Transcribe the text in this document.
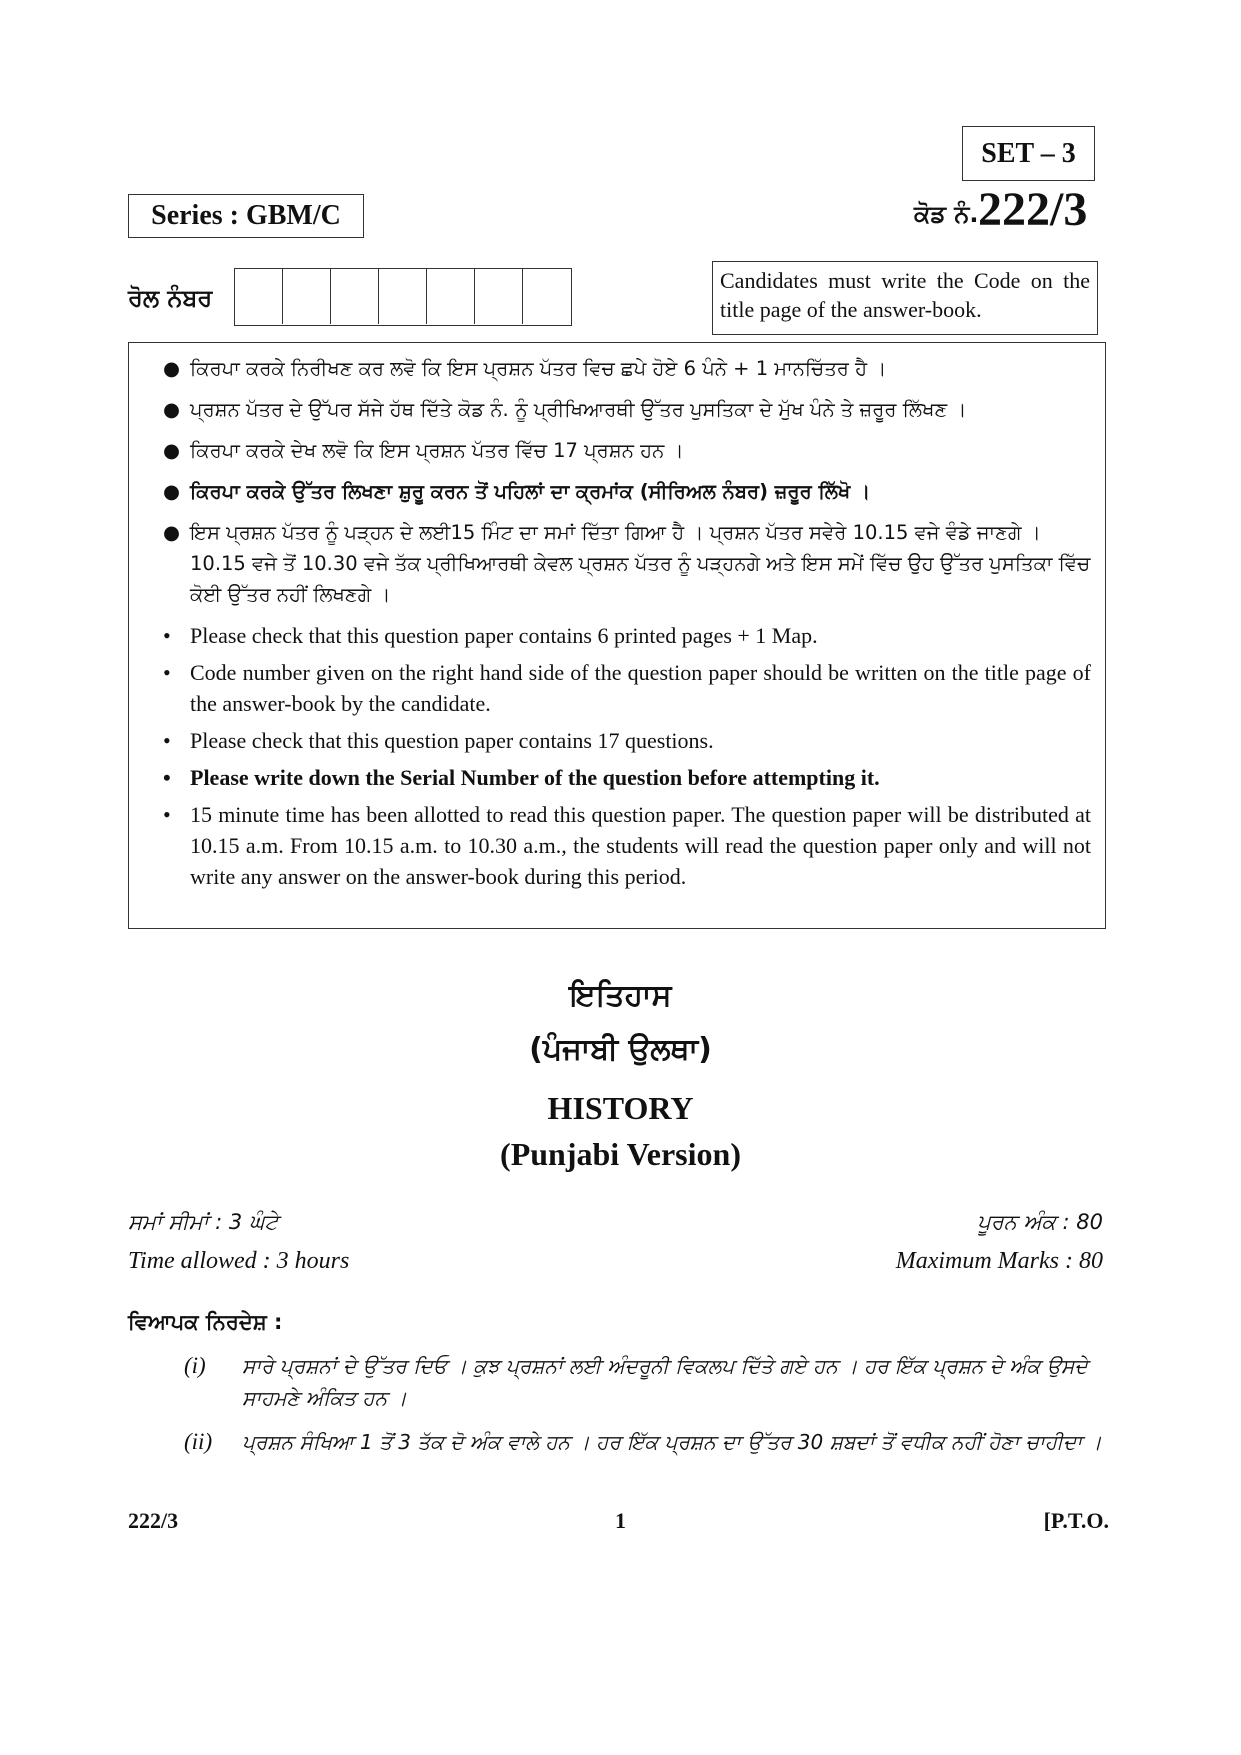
SET – 3
Series : GBM/C	ਕੋਡ ਨੰ. 222/3
ਰੋਲ ਨੰਬਰ
Candidates must write the Code on the title page of the answer-book.
● ਕਿਰਪਾ ਕਰਕੇ ਨਿਰੀਖਣ ਕਰ ਲਵੋ ਕਿ ਇਸ ਪ੍ਰਸ਼ਨ ਪੱਤਰ ਵਿਚ ਛਪੇ ਹੋਏ 6 ਪੰਨੇ + 1 ਮਾਨਚਿੱਤਰ ਹੈ ।
● ਪ੍ਰਸ਼ਨ ਪੱਤਰ ਦੇ ਉੱਪਰ ਸੱਜੇ ਹੱਥ ਦਿੱਤੇ ਕੋਡ ਨੰ. ਨੂੰ ਪ੍ਰੀਖਿਆਰਥੀ ਉੱਤਰ ਪੁਸਤਿਕਾ ਦੇ ਮੁੱਖ ਪੰਨੇ ਤੇ ਜ਼ਰੂਰ ਲਿੱਖਣ ।
● ਕਿਰਪਾ ਕਰਕੇ ਦੇਖ ਲਵੋ ਕਿ ਇਸ ਪ੍ਰਸ਼ਨ ਪੱਤਰ ਵਿੱਚ 17 ਪ੍ਰਸ਼ਨ ਹਨ ।
● ਕਿਰਪਾ ਕਰਕੇ ਉੱਤਰ ਲਿਖਣਾ ਸ਼ੁਰੂ ਕਰਨ ਤੋਂ ਪਹਿਲਾਂ ਦਾ ਕ੍ਰਮਾਂਕ (ਸੀਰਿਅਲ ਨੰਬਰ) ਜ਼ਰੂਰ ਲਿੱਖੋ ।
● ਇਸ ਪ੍ਰਸ਼ਨ ਪੱਤਰ ਨੂੰ ਪੜ੍ਹਨ ਦੇ ਲਈ15 ਮਿੰਟ ਦਾ ਸਮਾਂ ਦਿੱਤਾ ਗਿਆ ਹੈ । ਪ੍ਰਸ਼ਨ ਪੱਤਰ ਸਵੇਰੇ 10.15 ਵਜੇ ਵੰਡੇ ਜਾਣਗੇ । 10.15 ਵਜੇ ਤੋਂ 10.30 ਵਜੇ ਤੱਕ ਪ੍ਰੀਖਿਆਰਥੀ ਕੇਵਲ ਪ੍ਰਸ਼ਨ ਪੱਤਰ ਨੂੰ ਪੜ੍ਹਨਗੇ ਅਤੇ ਇਸ ਸਮੇਂ ਵਿੱਚ ਉਹ ਉੱਤਰ ਪੁਸਤਿਕਾ ਵਿੱਚ ਕੋਈ ਉੱਤਰ ਨਹੀਂ ਲਿਖਣਗੇ ।
• Please check that this question paper contains 6 printed pages + 1 Map.
• Code number given on the right hand side of the question paper should be written on the title page of the answer-book by the candidate.
• Please check that this question paper contains 17 questions.
• Please write down the Serial Number of the question before attempting it.
• 15 minute time has been allotted to read this question paper. The question paper will be distributed at 10.15 a.m. From 10.15 a.m. to 10.30 a.m., the students will read the question paper only and will not write any answer on the answer-book during this period.
ਇਤਿਹਾਸ
(ਪੰਜਾਬੀ ਉਲਥਾ)
HISTORY
(Punjabi Version)
ਸਮਾਂ ਸੀਮਾਂ : 3 ਘੰਟੇ
Time allowed : 3 hours
ਪੂਰਨ ਅੰਕ : 80
Maximum Marks : 80
ਵਿਆਪਕ ਨਿਰਦੇਸ਼ :
(i) ਸਾਰੇ ਪ੍ਰਸ਼ਨਾਂ ਦੇ ਉੱਤਰ ਦਿਓ । ਕੁਝ ਪ੍ਰਸ਼ਨਾਂ ਲਈ ਅੰਦਰੂਨੀ ਵਿਕਲਪ ਦਿੱਤੇ ਗਏ ਹਨ । ਹਰ ਇੱਕ ਪ੍ਰਸ਼ਨ ਦੇ ਅੰਕ ਉਸਦੇ ਸਾਹਮਣੇ ਅੰਕਿਤ ਹਨ ।
(ii) ਪ੍ਰਸ਼ਨ ਸੰਖਿਆ 1 ਤੋਂ 3 ਤੱਕ ਦੋ ਅੰਕ ਵਾਲੇ ਹਨ । ਹਰ ਇੱਕ ਪ੍ਰਸ਼ਨ ਦਾ ਉੱਤਰ 30 ਸ਼ਬਦਾਂ ਤੋਂ ਵਧੀਕ ਨਹੀਂ ਹੋਣਾ ਚਾਹੀਦਾ ।
222/3	1	[P.T.O.
